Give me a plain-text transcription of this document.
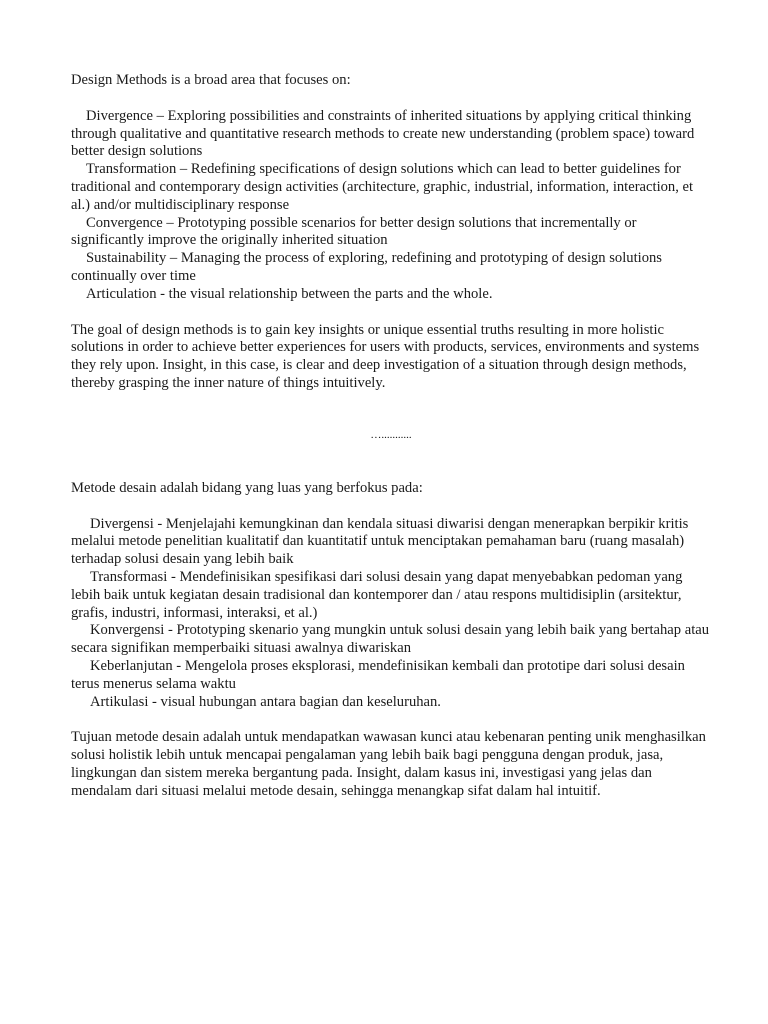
Design Methods is a broad area that focuses on:

Divergence – Exploring possibilities and constraints of inherited situations by applying critical thinking through qualitative and quantitative research methods to create new understanding (problem space) toward better design solutions

Transformation – Redefining specifications of design solutions which can lead to better guidelines for traditional and contemporary design activities (architecture, graphic, industrial, information, interaction, et al.) and/or multidisciplinary response

Convergence – Prototyping possible scenarios for better design solutions that incrementally or significantly improve the originally inherited situation

Sustainability – Managing the process of exploring, redefining and prototyping of design solutions continually over time

Articulation - the visual relationship between the parts and the whole.

The goal of design methods is to gain key insights or unique essential truths resulting in more holistic solutions in order to achieve better experiences for users with products, services, environments and systems they rely upon. Insight, in this case, is clear and deep investigation of a situation through design methods, thereby grasping the inner nature of things intuitively.

…...........

Metode desain adalah bidang yang luas yang berfokus pada:

Divergensi - Menjelajahi kemungkinan dan kendala situasi diwarisi dengan menerapkan berpikir kritis melalui metode penelitian kualitatif dan kuantitatif untuk menciptakan pemahaman baru (ruang masalah) terhadap solusi desain yang lebih baik

Transformasi - Mendefinisikan spesifikasi dari solusi desain yang dapat menyebabkan pedoman yang lebih baik untuk kegiatan desain tradisional dan kontemporer dan / atau respons multidisiplin (arsitektur, grafis, industri, informasi, interaksi, et al.)

Konvergensi - Prototyping skenario yang mungkin untuk solusi desain yang lebih baik yang bertahap atau secara signifikan memperbaiki situasi awalnya diwariskan

Keberlanjutan - Mengelola proses eksplorasi, mendefinisikan kembali dan prototipe dari solusi desain terus menerus selama waktu

Artikulasi - visual hubungan antara bagian dan keseluruhan.

Tujuan metode desain adalah untuk mendapatkan wawasan kunci atau kebenaran penting unik menghasilkan solusi holistik lebih untuk mencapai pengalaman yang lebih baik bagi pengguna dengan produk, jasa, lingkungan dan sistem mereka bergantung pada. Insight, dalam kasus ini, investigasi yang jelas dan mendalam dari situasi melalui metode desain, sehingga menangkap sifat dalam hal intuitif.
